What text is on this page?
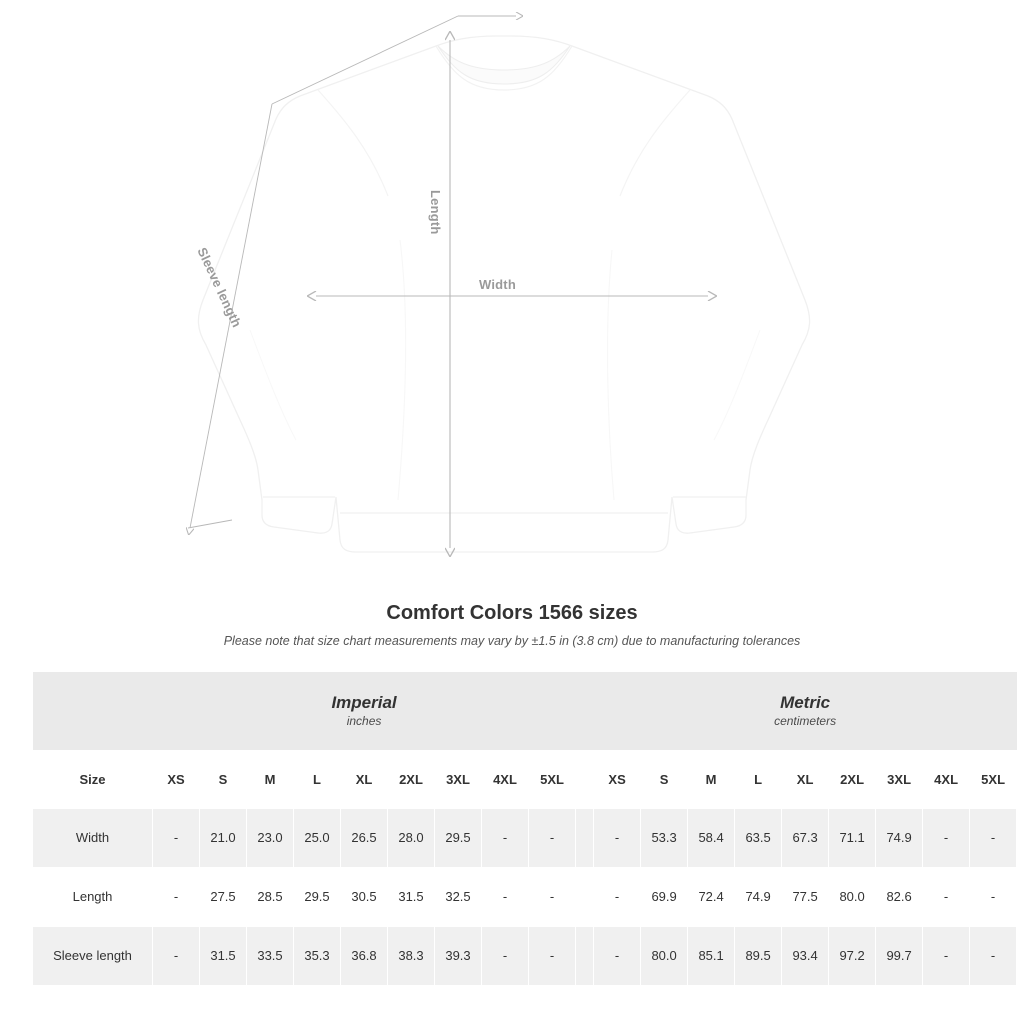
Width
Length
Sleeve length
Comfort Colors 1566 sizes
Please note that size chart measurements may vary by ±1.5 in (3.8 cm) due to manufacturing tolerances

Imperial
inches

Metric
centimeters

Size	XS	S	M	L	XL	2XL	3XL	4XL	5XL		XS	S	M	L	XL	2XL	3XL	4XL	5XL
Width	-	21.0	23.0	25.0	26.5	28.0	29.5	-	-		-	53.3	58.4	63.5	67.3	71.1	74.9	-	-
Length	-	27.5	28.5	29.5	30.5	31.5	32.5	-	-		-	69.9	72.4	74.9	77.5	80.0	82.6	-	-
Sleeve length	-	31.5	33.5	35.3	36.8	38.3	39.3	-	-		-	80.0	85.1	89.5	93.4	97.2	99.7	-	-
